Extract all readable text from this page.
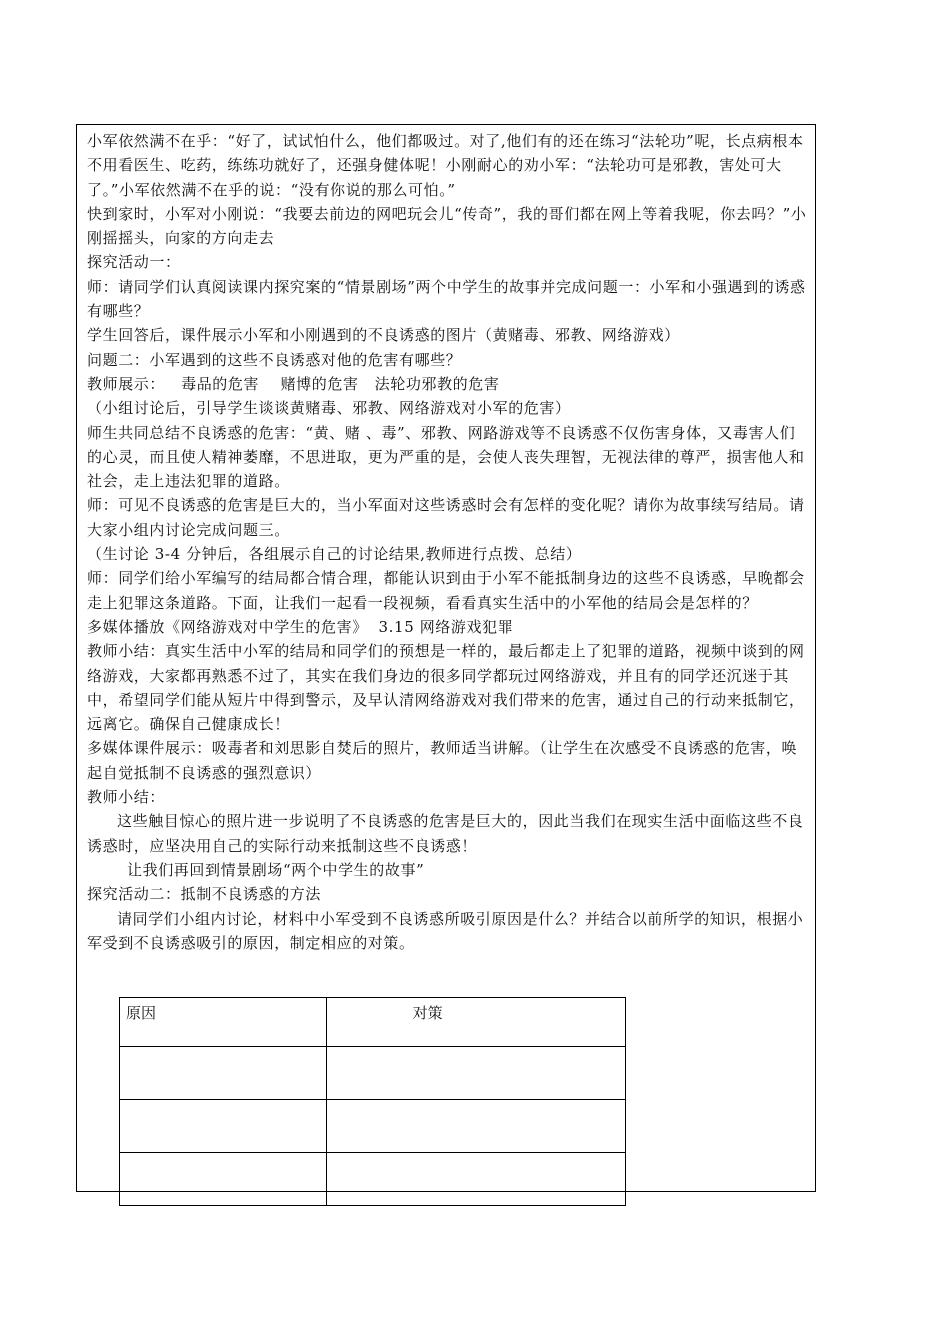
小军依然满不在乎：“好了，试试怕什么，他们都吸过。对了,他们有的还在练习“法轮功”呢，长点病根本不用看医生、吃药，练练功就好了，还强身健体呢！小刚耐心的劝小军：“法轮功可是邪教，害处可大了。”小军依然满不在乎的说：“没有你说的那么可怕。”

快到家时，小军对小刚说：“我要去前边的网吧玩会儿“传奇”，我的哥们都在网上等着我呢，你去吗？”小刚摇摇头，向家的方向走去

探究活动一：

师：请同学们认真阅读课内探究案的“情景剧场”两个中学生的故事并完成问题一：小军和小强遇到的诱惑有哪些？

学生回答后，课件展示小军和小刚遇到的不良诱惑的图片（黄赌毒、邪教、网络游戏）

问题二：小军遇到的这些不良诱惑对他的危害有哪些？

教师展示：   毒品的危害    赌博的危害   法轮功邪教的危害

（小组讨论后，引导学生谈谈黄赌毒、邪教、网络游戏对小军的危害）

师生共同总结不良诱惑的危害：“黄、赌 、毒”、邪教、网路游戏等不良诱惑不仅伤害身体，又毒害人们的心灵，而且使人精神萎靡，不思进取，更为严重的是，会使人丧失理智，无视法律的尊严，损害他人和社会，走上违法犯罪的道路。

师：可见不良诱惑的危害是巨大的，当小军面对这些诱惑时会有怎样的变化呢？请你为故事续写结局。请大家小组内讨论完成问题三。

（生讨论 3-4 分钟后，各组展示自己的讨论结果,教师进行点拨、总结）

师：同学们给小军编写的结局都合情合理，都能认识到由于小军不能抵制身边的这些不良诱惑，早晚都会走上犯罪这条道路。下面，让我们一起看一段视频，看看真实生活中的小军他的结局会是怎样的？

多媒体播放《网络游戏对中学生的危害》  3.15 网络游戏犯罪

教师小结：真实生活中小军的结局和同学们的预想是一样的，最后都走上了犯罪的道路，视频中谈到的网络游戏，大家都再熟悉不过了，其实在我们身边的很多同学都玩过网络游戏，并且有的同学还沉迷于其中，希望同学们能从短片中得到警示，及早认清网络游戏对我们带来的危害，通过自己的行动来抵制它，远离它。确保自己健康成长！

多媒体课件展示：吸毒者和刘思影自焚后的照片，教师适当讲解。（让学生在次感受不良诱惑的危害，唤起自觉抵制不良诱惑的强烈意识）

教师小结：

这些触目惊心的照片进一步说明了不良诱惑的危害是巨大的，因此当我们在现实生活中面临这些不良诱惑时，应坚决用自己的实际行动来抵制这些不良诱惑！

让我们再回到情景剧场“两个中学生的故事”

探究活动二：抵制不良诱惑的方法

请同学们小组内讨论，材料中小军受到不良诱惑所吸引原因是什么？并结合以前所学的知识，根据小军受到不良诱惑吸引的原因，制定相应的对策。

原因	对策
